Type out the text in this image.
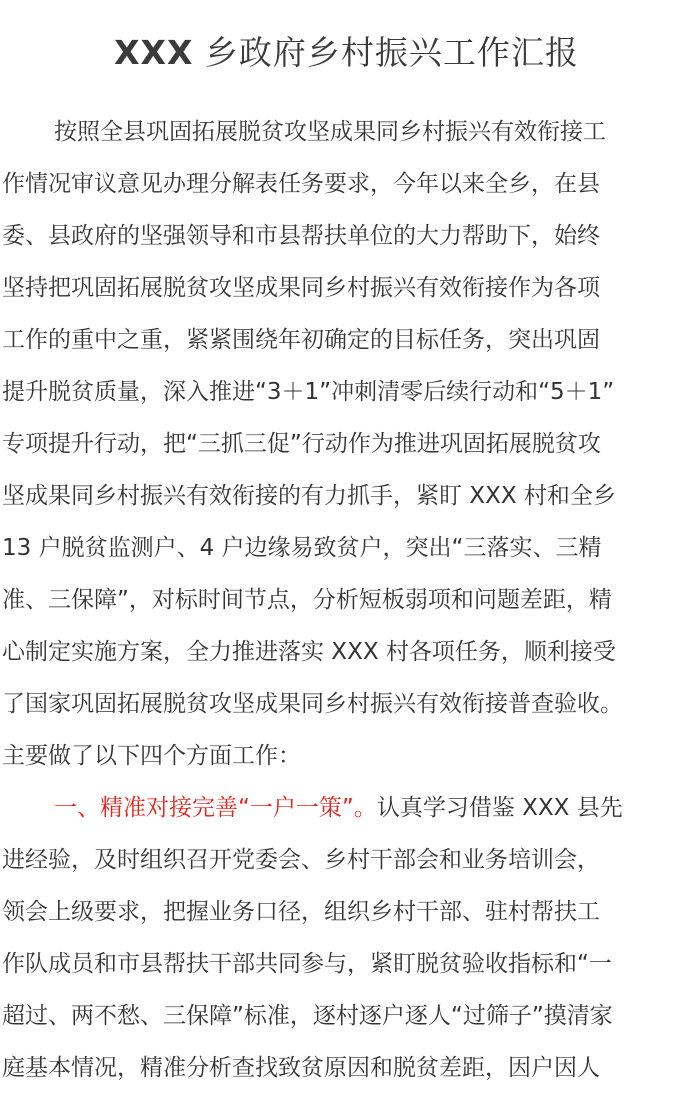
XXX 乡政府乡村振兴工作汇报
按照全县巩固拓展脱贫攻坚成果同乡村振兴有效衔接工
作情况审议意见办理分解表任务要求，今年以来全乡，在县
委、县政府的坚强领导和市县帮扶单位的大力帮助下，始终
坚持把巩固拓展脱贫攻坚成果同乡村振兴有效衔接作为各项
工作的重中之重，紧紧围绕年初确定的目标任务，突出巩固
提升脱贫质量，深入推进“3＋1”冲刺清零后续行动和“5＋1”
专项提升行动，把“三抓三促”行动作为推进巩固拓展脱贫攻
坚成果同乡村振兴有效衔接的有力抓手，紧盯 XXX 村和全乡
13 户脱贫监测户、4 户边缘易致贫户，突出“三落实、三精
准、三保障”，对标时间节点，分析短板弱项和问题差距，精
心制定实施方案，全力推进落实 XXX 村各项任务，顺利接受
了国家巩固拓展脱贫攻坚成果同乡村振兴有效衔接普查验收。
主要做了以下四个方面工作：
一、精准对接完善“一户一策”。认真学习借鉴 XXX 县先
进经验，及时组织召开党委会、乡村干部会和业务培训会，
领会上级要求，把握业务口径，组织乡村干部、驻村帮扶工
作队成员和市县帮扶干部共同参与，紧盯脱贫验收指标和“一
超过、两不愁、三保障”标准，逐村逐户逐人“过筛子”摸清家
庭基本情况，精准分析查找致贫原因和脱贫差距，因户因人
